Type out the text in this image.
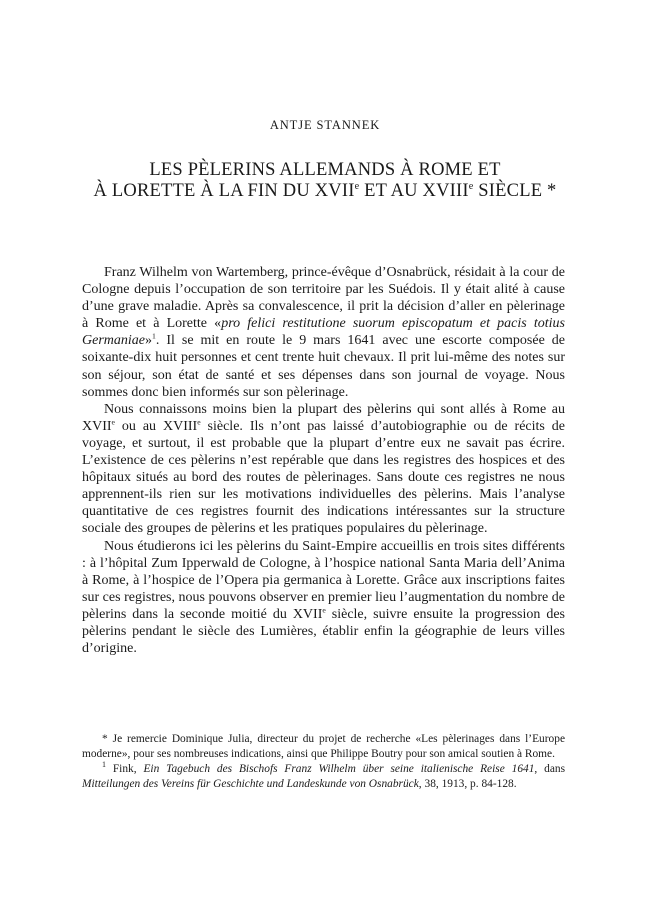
ANTJE STANNEK
LES PÈLERINS ALLEMANDS À ROME ET
À LORETTE À LA FIN DU XVIIe ET AU XVIIIe SIÈCLE *

Franz Wilhelm von Wartemberg, prince-évêque d’Osnabrück, résidait à la cour de Cologne depuis l’occupation de son territoire par les Suédois. Il y était alité à cause d’une grave maladie. Après sa convalescence, il prit la décision d’aller en pèlerinage à Rome et à Lorette «pro felici restitutione suorum episcopatum et pacis totius Germaniae»$^1$. Il se mit en route le 9 mars 1641 avec une escorte composée de soixante-dix huit personnes et cent trente huit chevaux. Il prit lui-même des notes sur son séjour, son état de santé et ses dépenses dans son journal de voyage. Nous sommes donc bien informés sur son pèlerinage.

Nous connaissons moins bien la plupart des pèlerins qui sont allés à Rome au XVIIe ou au XVIIIe siècle. Ils n’ont pas laissé d’autobiographie ou de récits de voyage, et surtout, il est probable que la plupart d’entre eux ne savait pas écrire. L’existence de ces pèlerins n’est repérable que dans les registres des hospices et des hôpitaux situés au bord des routes de pèlerinages. Sans doute ces registres ne nous apprennent-ils rien sur les motivations individuelles des pèlerins. Mais l’analyse quantitative de ces registres fournit des indications intéressantes sur la structure sociale des groupes de pèlerins et les pratiques populaires du pèlerinage.

Nous étudierons ici les pèlerins du Saint-Empire accueillis en trois sites différents : à l’hôpital Zum Ipperwald de Cologne, à l’hospice national Santa Maria dell’Anima à Rome, à l’hospice de l’Opera pia germanica à Lorette. Grâce aux inscriptions faites sur ces registres, nous pouvons observer en premier lieu l’augmentation du nombre de pèlerins dans la seconde moitié du XVIIe siècle, suivre ensuite la progression des pèlerins pendant le siècle des Lumières, établir enfin la géographie de leurs villes d’origine.

* Je remercie Dominique Julia, directeur du projet de recherche «Les pèlerinages dans l’Europe moderne», pour ses nombreuses indications, ainsi que Philippe Boutry pour son amical soutien à Rome.

$^1$ Fink, Ein Tagebuch des Bischofs Franz Wilhelm über seine italienische Reise 1641, dans Mitteilungen des Vereins für Geschichte und Landeskunde von Osnabrück, 38, 1913, p. 84-128.
